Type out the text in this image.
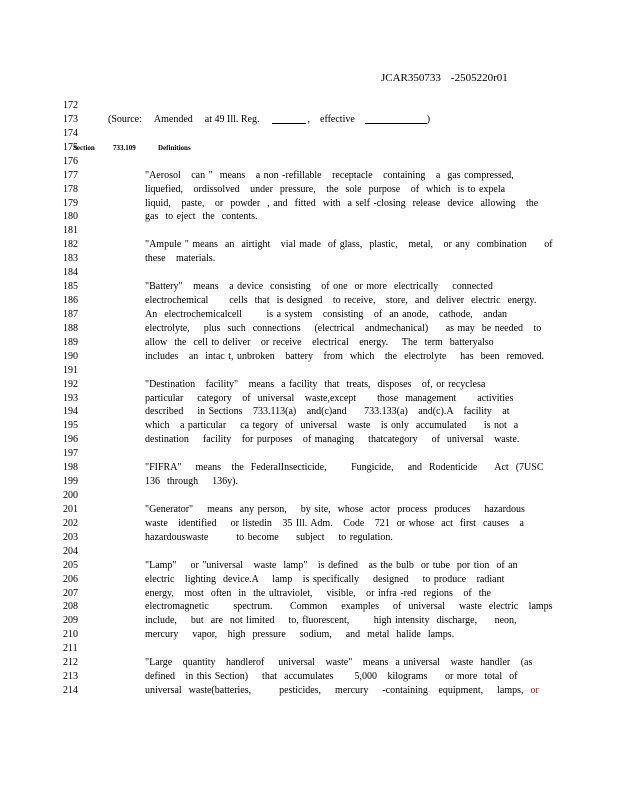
JCAR350733 -2505220r01
172
173	(Source: Amended at 49 Ill. Reg.	, effective	)
174
175
Section	733.109	Definitions
176
177	"Aerosol   can "  means   a non -refillable   receptacle   containing   a  gas compressed,
178	liquefied,   ordissolved   under  pressure,   the  sole  purpose   of  which  is to expela
179	liquid,   paste,   or  powder  , and  fitted  with  a self -closing  release  device  allowing   the
180	gas  to eject  the  contents.
181
182	"Ampule " means  an  airtight   vial made  of glass,  plastic,   metal,   or any  combination     of
183	these   materials.
184
185	"Battery"   means   a device  consisting   of one  or more  electrically    connected
186	electrochemical      cells  that  is designed   to receive,   store,  and  deliver  electric  energy.
187	An  electrochemicalcell       is a system   consisting   of  an anode,   cathode,   andan
188	electrolyte,    plus  such  connections    (electrical   andmechanical)     as may  be needed   to
189	allow  the  cell to deliver   or receive   electrical   energy.    The  term  batteryalso
190	includes   an  intac t, unbroken   battery   from  which   the  electrolyte    has  been  removed.
191
192	"Destination   facility"   means  a facility  that  treats,  disposes   of, or recyclesa
193	particular    category   of  universal   waste,except      those  management      activities
194	described    in Sections   733.113(a)   and(c)and     733.133(a)   and(c).A   facility   at
195	which   a particular    ca tegory  of  universal   waste   is only  accumulated     is not  a
196	destination    facility   for purposes   of managing    thatcategory    of  universal   waste.
197
198	"FIFRA"    means   the  FederalInsecticide,       Fungicide,    and  Rodenticide     Act  (7USC
199	136  through    136y).
200
201	"Generator"    means  any person,    by site,  whose  actor  process  produces    hazardous
202	waste   identified    or listedin   35 Ill. Adm.   Code   721  or whose  act  first  causes   a
203	hazardouswaste        to become     subject    to regulation.
204
205	"Lamp"    or "universal   waste  lamp"   is defined   as the bulb  or tube  por tion  of an
206	electric   lighting  device.A    lamp   is specifically    designed    to produce   radiant
207	energy,   most  often  in  the ultraviolet,    visible,   or infra -red  regions   of  the
208	electromagnetic       spectrum.     Common    examples    of  universal    waste  electric   lamps
209	include,    but  are  not limited    to, fluorescent,       high intensity  discharge,     neon,
210	mercury    vapor,   high  pressure    sodium,    and  metal  halide  lamps.
211
212	"Large   quantity   handlerof    universal   waste"   means  a universal   waste  handler   (as
213	defined   in this Section)    that  accumulates      5,000   kilograms     or more  total  of
214	universal  waste(batteries,        pesticides,    mercury    -containing   equipment,    lamps,  or
